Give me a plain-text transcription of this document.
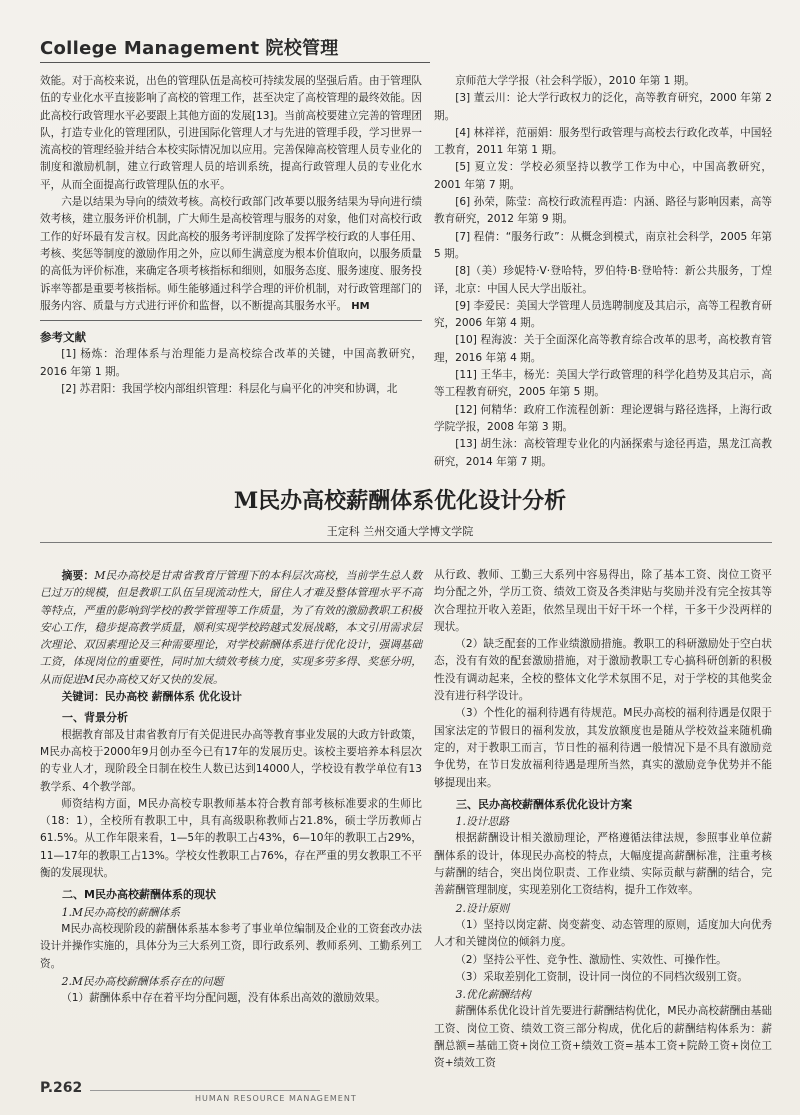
College Management 院校管理

效能。对于高校来说，出色的管理队伍是高校可持续发展的坚强后盾。由于管理队伍的专业化水平直接影响了高校的管理工作，甚至决定了高校管理的最终效能。因此高校行政管理水平必要跟上其他方面的发展[13]。当前高校要建立完善的管理团队，打造专业化的管理团队，引进国际化管理人才与先进的管理手段，学习世界一流高校的管理经验并结合本校实际情况加以应用。完善保障高校管理人员专业化的制度和激励机制，建立行政管理人员的培训系统，提高行政管理人员的专业化水平，从而全面提高行政管理队伍的水平。

六是以结果为导向的绩效考核。高校行政部门改革要以服务结果为导向进行绩效考核，建立服务评价机制，广大师生是高校管理与服务的对象，他们对高校行政工作的好坏最有发言权。因此高校的服务考评制度除了发挥学校行政的人事任用、考核、奖惩等制度的激励作用之外，应以师生满意度为根本价值取向，以服务质量的高低为评价标准，来确定各项考核指标和细则，如服务态度、服务速度、服务投诉率等都是重要考核指标。师生能够通过科学合理的评价机制，对行政管理部门的服务内容、质量与方式进行评价和监督，以不断提高其服务水平。 HM

参考文献

[1] 杨炼：治理体系与治理能力是高校综合改革的关键，中国高教研究，2016 年第 1 期。

[2] 苏君阳：我国学校内部组织管理：科层化与扁平化的冲突和协调，北

京师范大学学报（社会科学版），2010 年第 1 期。

[3] 董云川：论大学行政权力的泛化，高等教育研究，2000 年第 2 期。

[4] 林祥祥，范丽娟：服务型行政管理与高校去行政化改革，中国轻工教育，2011 年第 1 期。

[5] 夏立发：学校必须坚持以教学工作为中心，中国高教研究，2001 年第 7 期。

[6] 孙荣，陈莹：高校行政流程再造：内涵、路径与影响因素，高等教育研究，2012 年第 9 期。

[7] 程倩：“服务行政”：从概念到模式，南京社会科学，2005 年第 5 期。

[8]（美）珍妮特·V·登哈特，罗伯特·B·登哈特：新公共服务，丁煌译，北京：中国人民大学出版社。

[9] 李爱民：美国大学管理人员选聘制度及其启示，高等工程教育研究，2006 年第 4 期。

[10] 程海波：关于全面深化高等教育综合改革的思考，高校教育管理，2016 年第 4 期。

[11] 王华丰，杨光：美国大学行政管理的科学化趋势及其启示，高等工程教育研究，2005 年第 5 期。

[12] 何精华：政府工作流程创新：理论逻辑与路径选择，上海行政学院学报，2008 年第 3 期。

[13] 胡生泳：高校管理专业化的内涵探索与途径再造，黑龙江高教研究，2014 年第 7 期。

M民办高校薪酬体系优化设计分析
王定科 兰州交通大学博文学院

摘要：M民办高校是甘肃省教育厅管理下的本科层次高校，当前学生总人数已过万的规模，但是教职工队伍呈现流动性大，留住人才难及整体管理水平不高等特点，严重的影响到学校的教学管理等工作质量，为了有效的激励教职工积极安心工作，稳步提高教学质量，顺利实现学校跨越式发展战略，本文引用需求层次理论、双因素理论及三种需要理论，对学校薪酬体系进行优化设计，强调基础工资，体现岗位的重要性，同时加大绩效考核力度，实现多劳多得、奖惩分明，从而促进M民办高校又好又快的发展。

关键词：民办高校 薪酬体系 优化设计

一、背景分析

根据教育部及甘肃省教育厅有关促进民办高等教育事业发展的大政方针政策，M民办高校于2000年9月创办至今已有17年的发展历史。该校主要培养本科层次的专业人才，现阶段全日制在校生人数已达到14000人，学校设有教学单位有13教学系、4个教学部。

师资结构方面，M民办高校专职教师基本符合教育部考核标准要求的生师比（18：1），全校所有教职工中，具有高级职称教师占21.8%，硕士学历教师占61.5%。从工作年限来看，1—5年的教职工占43%，6—10年的教职工占29%，11—17年的教职工占13%。学校女性教职工占76%，存在严重的男女教职工不平衡的发展现状。

二、M民办高校薪酬体系的现状

1.M民办高校的薪酬体系

M民办高校现阶段的薪酬体系基本参考了事业单位编制及企业的工资套改办法设计并操作实施的，具体分为三大系列工资，即行政系列、教师系列、工勤系列工资。

2.M民办高校薪酬体系存在的问题

（1）薪酬体系中存在着平均分配问题，没有体系出高效的激励效果。

从行政、教师、工勤三大系列中容易得出，除了基本工资、岗位工资平均分配之外，学历工资、绩效工资及各类津贴与奖励并没有完全按其等次合理拉开收入差距，依然呈现出干好干坏一个样，干多干少没两样的现状。

（2）缺乏配套的工作业绩激励措施。教职工的科研激励处于空白状态，没有有效的配套激励措施，对于激励教职工专心搞科研创新的积极性没有调动起来，全校的整体文化学术氛围不足，对于学校的其他奖金没有进行科学设计。

（3）个性化的福利待遇有待规范。M民办高校的福利待遇是仅限于国家法定的节假日的福利发放，其发放额度也是随从学校效益来随机确定的，对于教职工而言，节日性的福利待遇一般情况下是不具有激励竞争优势，在节日发放福利待遇是理所当然，真实的激励竞争优势并不能够提现出来。

三、民办高校薪酬体系优化设计方案

1.设计思路

根据薪酬设计相关激励理论，严格遵循法律法规，参照事业单位薪酬体系的设计，体现民办高校的特点，大幅度提高薪酬标准，注重考核与薪酬的结合，突出岗位职责、工作业绩、实际贡献与薪酬的结合，完善薪酬管理制度，实现差别化工资结构，提升工作效率。

2.设计原则

（1）坚持以岗定薪、岗变薪变、动态管理的原则，适度加大向优秀人才和关键岗位的倾斜力度。

（2）坚持公平性、竞争性、激励性、实效性、可操作性。

（3）采取差别化工资制，设计同一岗位的不同档次级别工资。

3.优化薪酬结构

薪酬体系优化设计首先要进行薪酬结构优化，M民办高校薪酬由基础工资、岗位工资、绩效工资三部分构成，优化后的薪酬结构体系为：薪酬总额=基础工资+岗位工资+绩效工资=基本工资+院龄工资+岗位工资+绩效工资

P.262
HUMAN RESOURCE MANAGEMENT
